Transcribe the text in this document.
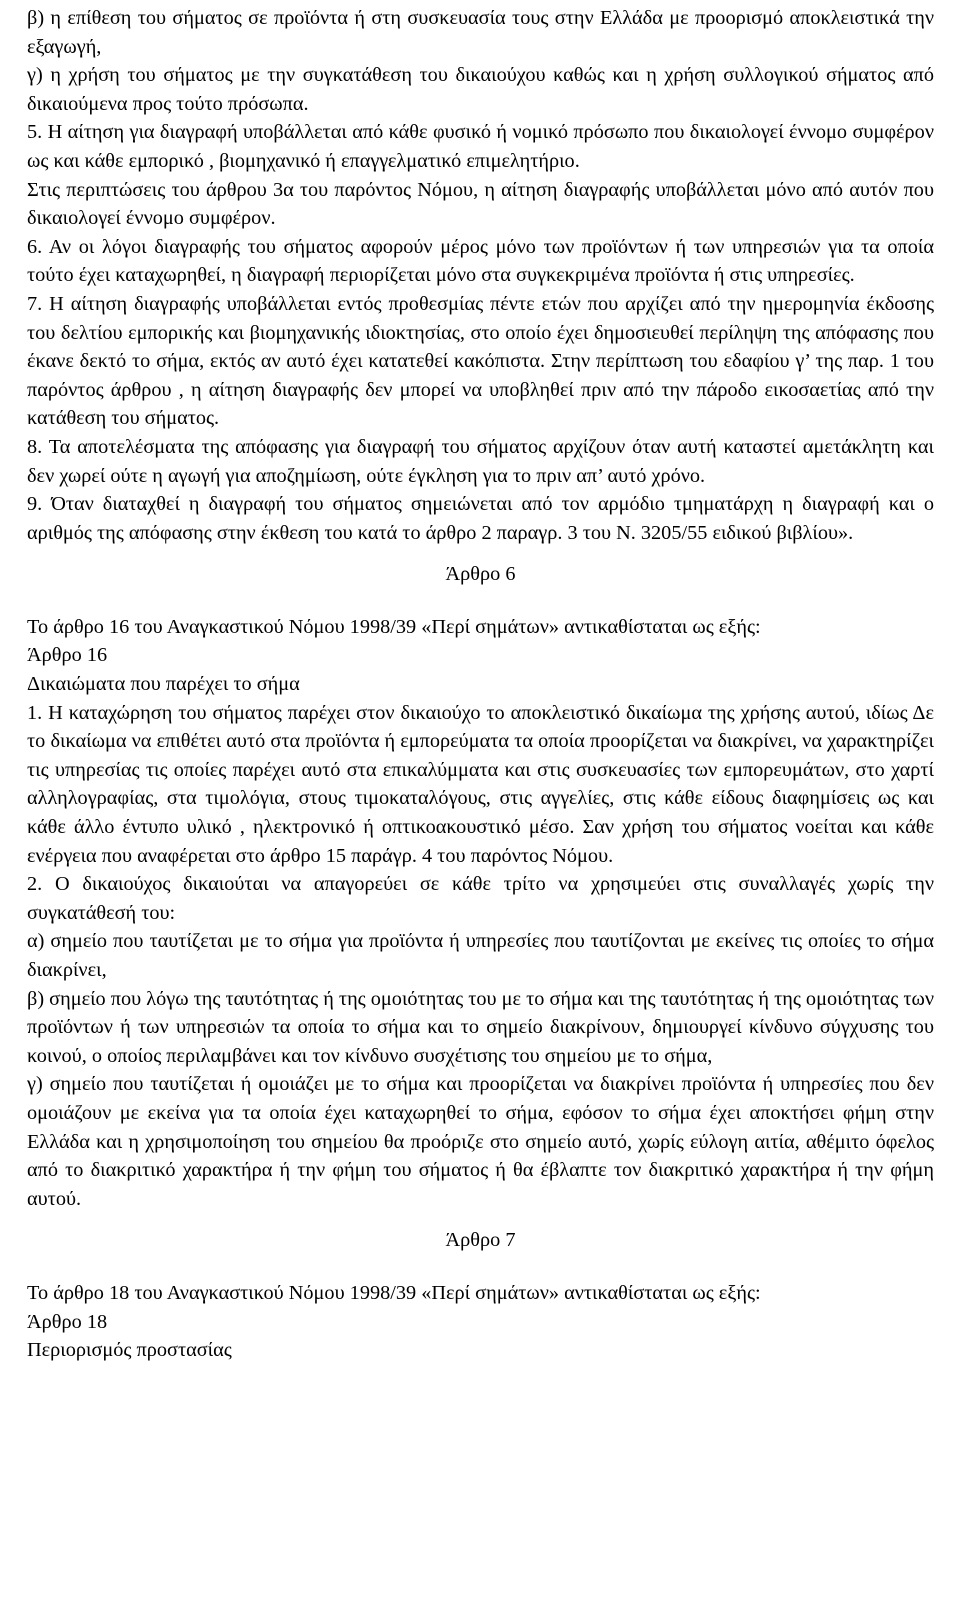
β) η επίθεση του σήματος σε προϊόντα ή στη συσκευασία τους στην Ελλάδα με προορισμό αποκλειστικά την εξαγωγή,

γ) η χρήση του σήματος με την συγκατάθεση του δικαιούχου καθώς και η χρήση συλλογικού σήματος από δικαιούμενα προς τούτο πρόσωπα.

5. Η αίτηση για διαγραφή υποβάλλεται από κάθε φυσικό ή νομικό πρόσωπο που δικαιολογεί έννομο συμφέρον ως και κάθε εμπορικό , βιομηχανικό ή επαγγελματικό επιμελητήριο.

Στις περιπτώσεις του άρθρου 3α του παρόντος Νόμου, η αίτηση διαγραφής υποβάλλεται μόνο από αυτόν που δικαιολογεί έννομο συμφέρον.

6. Αν οι λόγοι διαγραφής του σήματος αφορούν μέρος μόνο των προϊόντων ή των υπηρεσιών για τα οποία τούτο έχει καταχωρηθεί, η διαγραφή περιορίζεται μόνο στα συγκεκριμένα προϊόντα ή στις υπηρεσίες.

7. Η αίτηση διαγραφής υποβάλλεται εντός προθεσμίας πέντε ετών που αρχίζει από την ημερομηνία έκδοσης του δελτίου εμπορικής και βιομηχανικής ιδιοκτησίας, στο οποίο έχει δημοσιευθεί περίληψη της απόφασης που έκανε δεκτό το σήμα, εκτός αν αυτό έχει κατατεθεί κακόπιστα. Στην περίπτωση του εδαφίου γ’ της παρ. 1 του παρόντος άρθρου , η αίτηση διαγραφής δεν μπορεί να υποβληθεί πριν από την πάροδο εικοσαετίας από την κατάθεση του σήματος.

8. Τα αποτελέσματα της απόφασης για διαγραφή του σήματος αρχίζουν όταν αυτή καταστεί αμετάκλητη και δεν χωρεί ούτε η αγωγή για αποζημίωση, ούτε έγκληση για το πριν απ’ αυτό χρόνο.

9. Όταν διαταχθεί η διαγραφή του σήματος σημειώνεται από τον αρμόδιο τμηματάρχη η διαγραφή και ο αριθμός της απόφασης στην έκθεση του κατά το άρθρο 2 παραγρ. 3 του Ν. 3205/55 ειδικού βιβλίου».

Άρθρο 6

Το άρθρο 16 του Αναγκαστικού Νόμου 1998/39 «Περί σημάτων» αντικαθίσταται ως εξής:

Άρθρο 16

Δικαιώματα που παρέχει το σήμα

1. Η καταχώρηση του σήματος παρέχει στον δικαιούχο το αποκλειστικό δικαίωμα της χρήσης αυτού, ιδίως Δε το δικαίωμα να επιθέτει αυτό στα προϊόντα ή εμπορεύματα τα οποία προορίζεται να διακρίνει, να χαρακτηρίζει τις υπηρεσίας τις οποίες παρέχει αυτό στα επικαλύμματα και στις συσκευασίες των εμπορευμάτων, στο χαρτί αλληλογραφίας, στα τιμολόγια, στους τιμοκαταλόγους, στις αγγελίες, στις κάθε είδους διαφημίσεις ως και κάθε άλλο έντυπο υλικό , ηλεκτρονικό ή οπτικοακουστικό μέσο. Σαν χρήση του σήματος νοείται και κάθε ενέργεια που αναφέρεται στο άρθρο 15 παράγρ. 4 του παρόντος Νόμου.

2. Ο δικαιούχος δικαιούται να απαγορεύει σε κάθε τρίτο να χρησιμεύει στις συναλλαγές χωρίς την συγκατάθεσή του:

α) σημείο που ταυτίζεται με το σήμα για προϊόντα ή υπηρεσίες που ταυτίζονται με εκείνες τις οποίες το σήμα διακρίνει,

β) σημείο που λόγω της ταυτότητας ή της ομοιότητας του με το σήμα και της ταυτότητας ή της ομοιότητας των προϊόντων ή των υπηρεσιών τα οποία το σήμα και το σημείο διακρίνουν, δημιουργεί κίνδυνο σύγχυσης του κοινού, ο οποίος περιλαμβάνει και τον κίνδυνο συσχέτισης του σημείου με το σήμα,

γ) σημείο που ταυτίζεται ή ομοιάζει με το σήμα και προορίζεται να διακρίνει προϊόντα ή υπηρεσίες που δεν ομοιάζουν με εκείνα για τα οποία έχει καταχωρηθεί το σήμα, εφόσον το σήμα έχει αποκτήσει φήμη στην Ελλάδα και η χρησιμοποίηση του σημείου θα προόριζε στο σημείο αυτό, χωρίς εύλογη αιτία, αθέμιτο όφελος από το διακριτικό χαρακτήρα ή την φήμη του σήματος ή θα έβλαπτε τον διακριτικό χαρακτήρα ή την φήμη αυτού.

Άρθρο 7

Το άρθρο 18 του Αναγκαστικού Νόμου 1998/39 «Περί σημάτων» αντικαθίσταται ως εξής:

Άρθρο 18

Περιορισμός προστασίας
